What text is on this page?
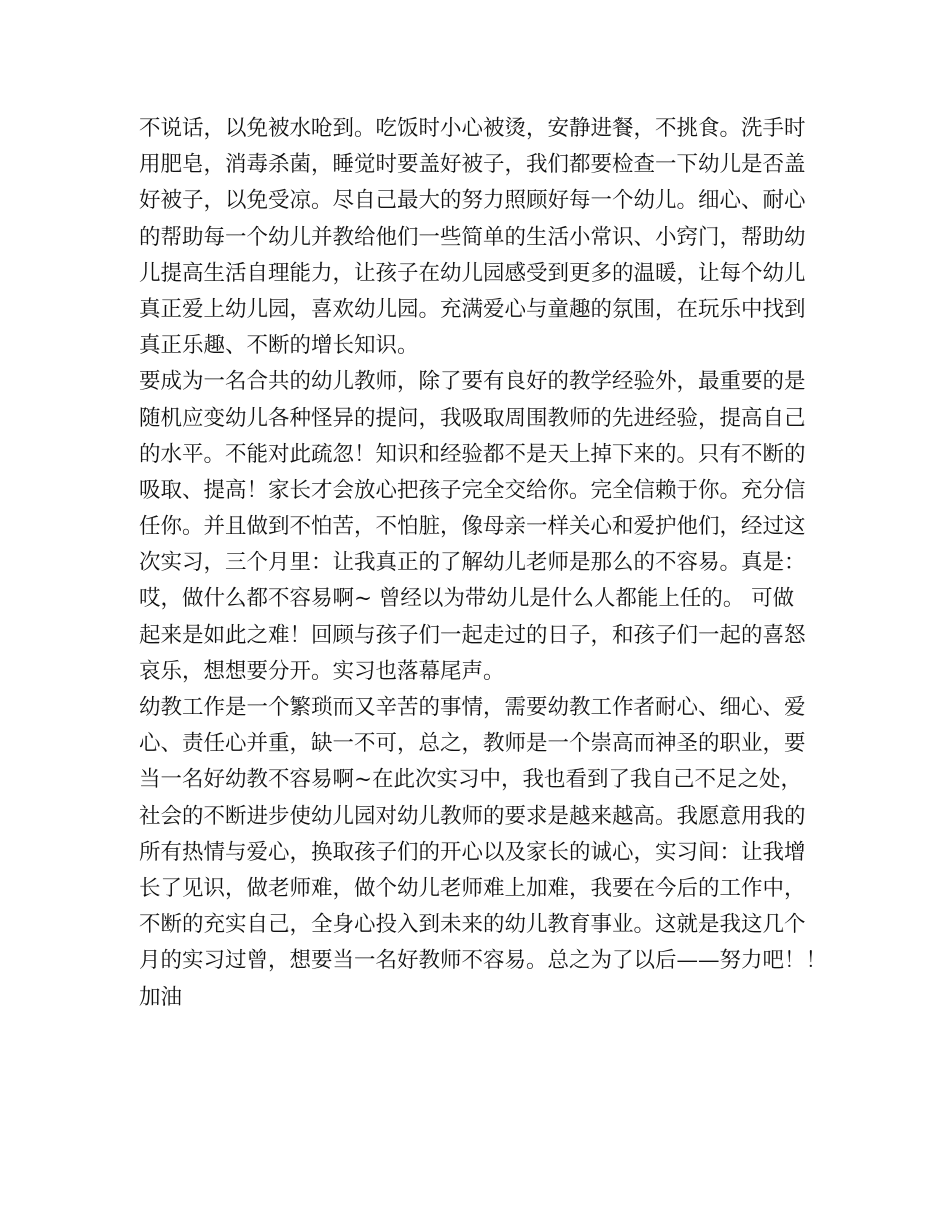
不说话，以免被水呛到。吃饭时小心被烫，安静进餐，不挑食。洗手时
用肥皂，消毒杀菌，睡觉时要盖好被子，我们都要检查一下幼儿是否盖
好被子，以免受凉。尽自己最大的努力照顾好每一个幼儿。细心、耐心
的帮助每一个幼儿并教给他们一些简单的生活小常识、小窍门，帮助幼
儿提高生活自理能力，让孩子在幼儿园感受到更多的温暖，让每个幼儿
真正爱上幼儿园，喜欢幼儿园。充满爱心与童趣的氛围，在玩乐中找到
真正乐趣、不断的增长知识。
要成为一名合共的幼儿教师，除了要有良好的教学经验外，最重要的是
随机应变幼儿各种怪异的提问，我吸取周围教师的先进经验，提高自己
的水平。不能对此疏忽！知识和经验都不是天上掉下来的。只有不断的
吸取、提高！家长才会放心把孩子完全交给你。完全信赖于你。充分信
任你。并且做到不怕苦，不怕脏，像母亲一样关心和爱护他们，经过这
次实习，三个月里：让我真正的了解幼儿老师是那么的不容易。真是：
哎，做什么都不容易啊~ 曾经以为带幼儿是什么人都能上任的。 可做
起来是如此之难！回顾与孩子们一起走过的日子，和孩子们一起的喜怒
哀乐，想想要分开。实习也落幕尾声。
幼教工作是一个繁琐而又辛苦的事情，需要幼教工作者耐心、细心、爱
心、责任心并重，缺一不可，总之，教师是一个崇高而神圣的职业，要
当一名好幼教不容易啊~在此次实习中，我也看到了我自己不足之处，
社会的不断进步使幼儿园对幼儿教师的要求是越来越高。我愿意用我的
所有热情与爱心，换取孩子们的开心以及家长的诚心，实习间：让我增
长了见识，做老师难，做个幼儿老师难上加难，我要在今后的工作中，
不断的充实自己，全身心投入到未来的幼儿教育事业。这就是我这几个
月的实习过曾，想要当一名好教师不容易。总之为了以后——努力吧！！
加油
